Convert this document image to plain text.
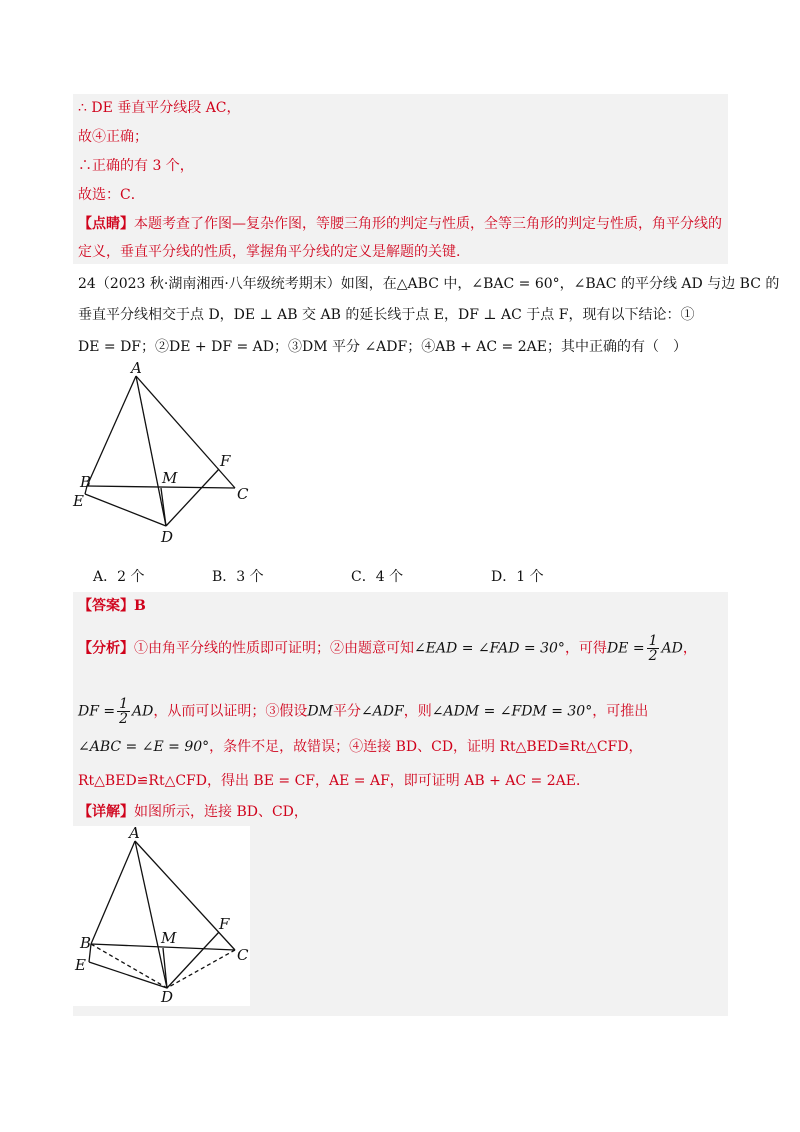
∴ DE 垂直平分线段 AC，
故④正确；
∴正确的有 3 个，
故选：C．
【点睛】本题考查了作图—复杂作图，等腰三角形的判定与性质，全等三角形的判定与性质，角平分线的
定义，垂直平分线的性质，掌握角平分线的定义是解题的关键.
24（2023 秋·湖南湘西·八年级统考期末）如图，在△ABC 中，∠BAC = 60°，∠BAC 的平分线 AD 与边 BC 的
垂直平分线相交于点 D，DE ⊥ AB 交 AB 的延长线于点 E，DF ⊥ AC 于点 F，现有以下结论：①
DE = DF；②DE + DF = AD；③DM 平分 ∠ADF；④AB + AC = 2AE；其中正确的有（　）
A
B
C
D
E
F
M
A．2 个	B．3 个	C．4 个	D．1 个
【答案】B
【分析】①由角平分线的性质即可证明；②由题意可知∠EAD = ∠FAD = 30°，可得DE = $\frac{1}{2}$ AD，
DF = $\frac{1}{2}$ AD，从而可以证明；③假设DM平分∠ADF，则∠ADM = ∠FDM = 30°，可推出
∠ABC = ∠E = 90°，条件不足，故错误；④连接 BD、CD，证明 Rt△BED≌Rt△CFD，
Rt△BED≌Rt△CFD，得出 BE = CF，AE = AF，即可证明 AB + AC = 2AE．
【详解】如图所示，连接 BD、CD，
A
B
C
D
E
F
M
